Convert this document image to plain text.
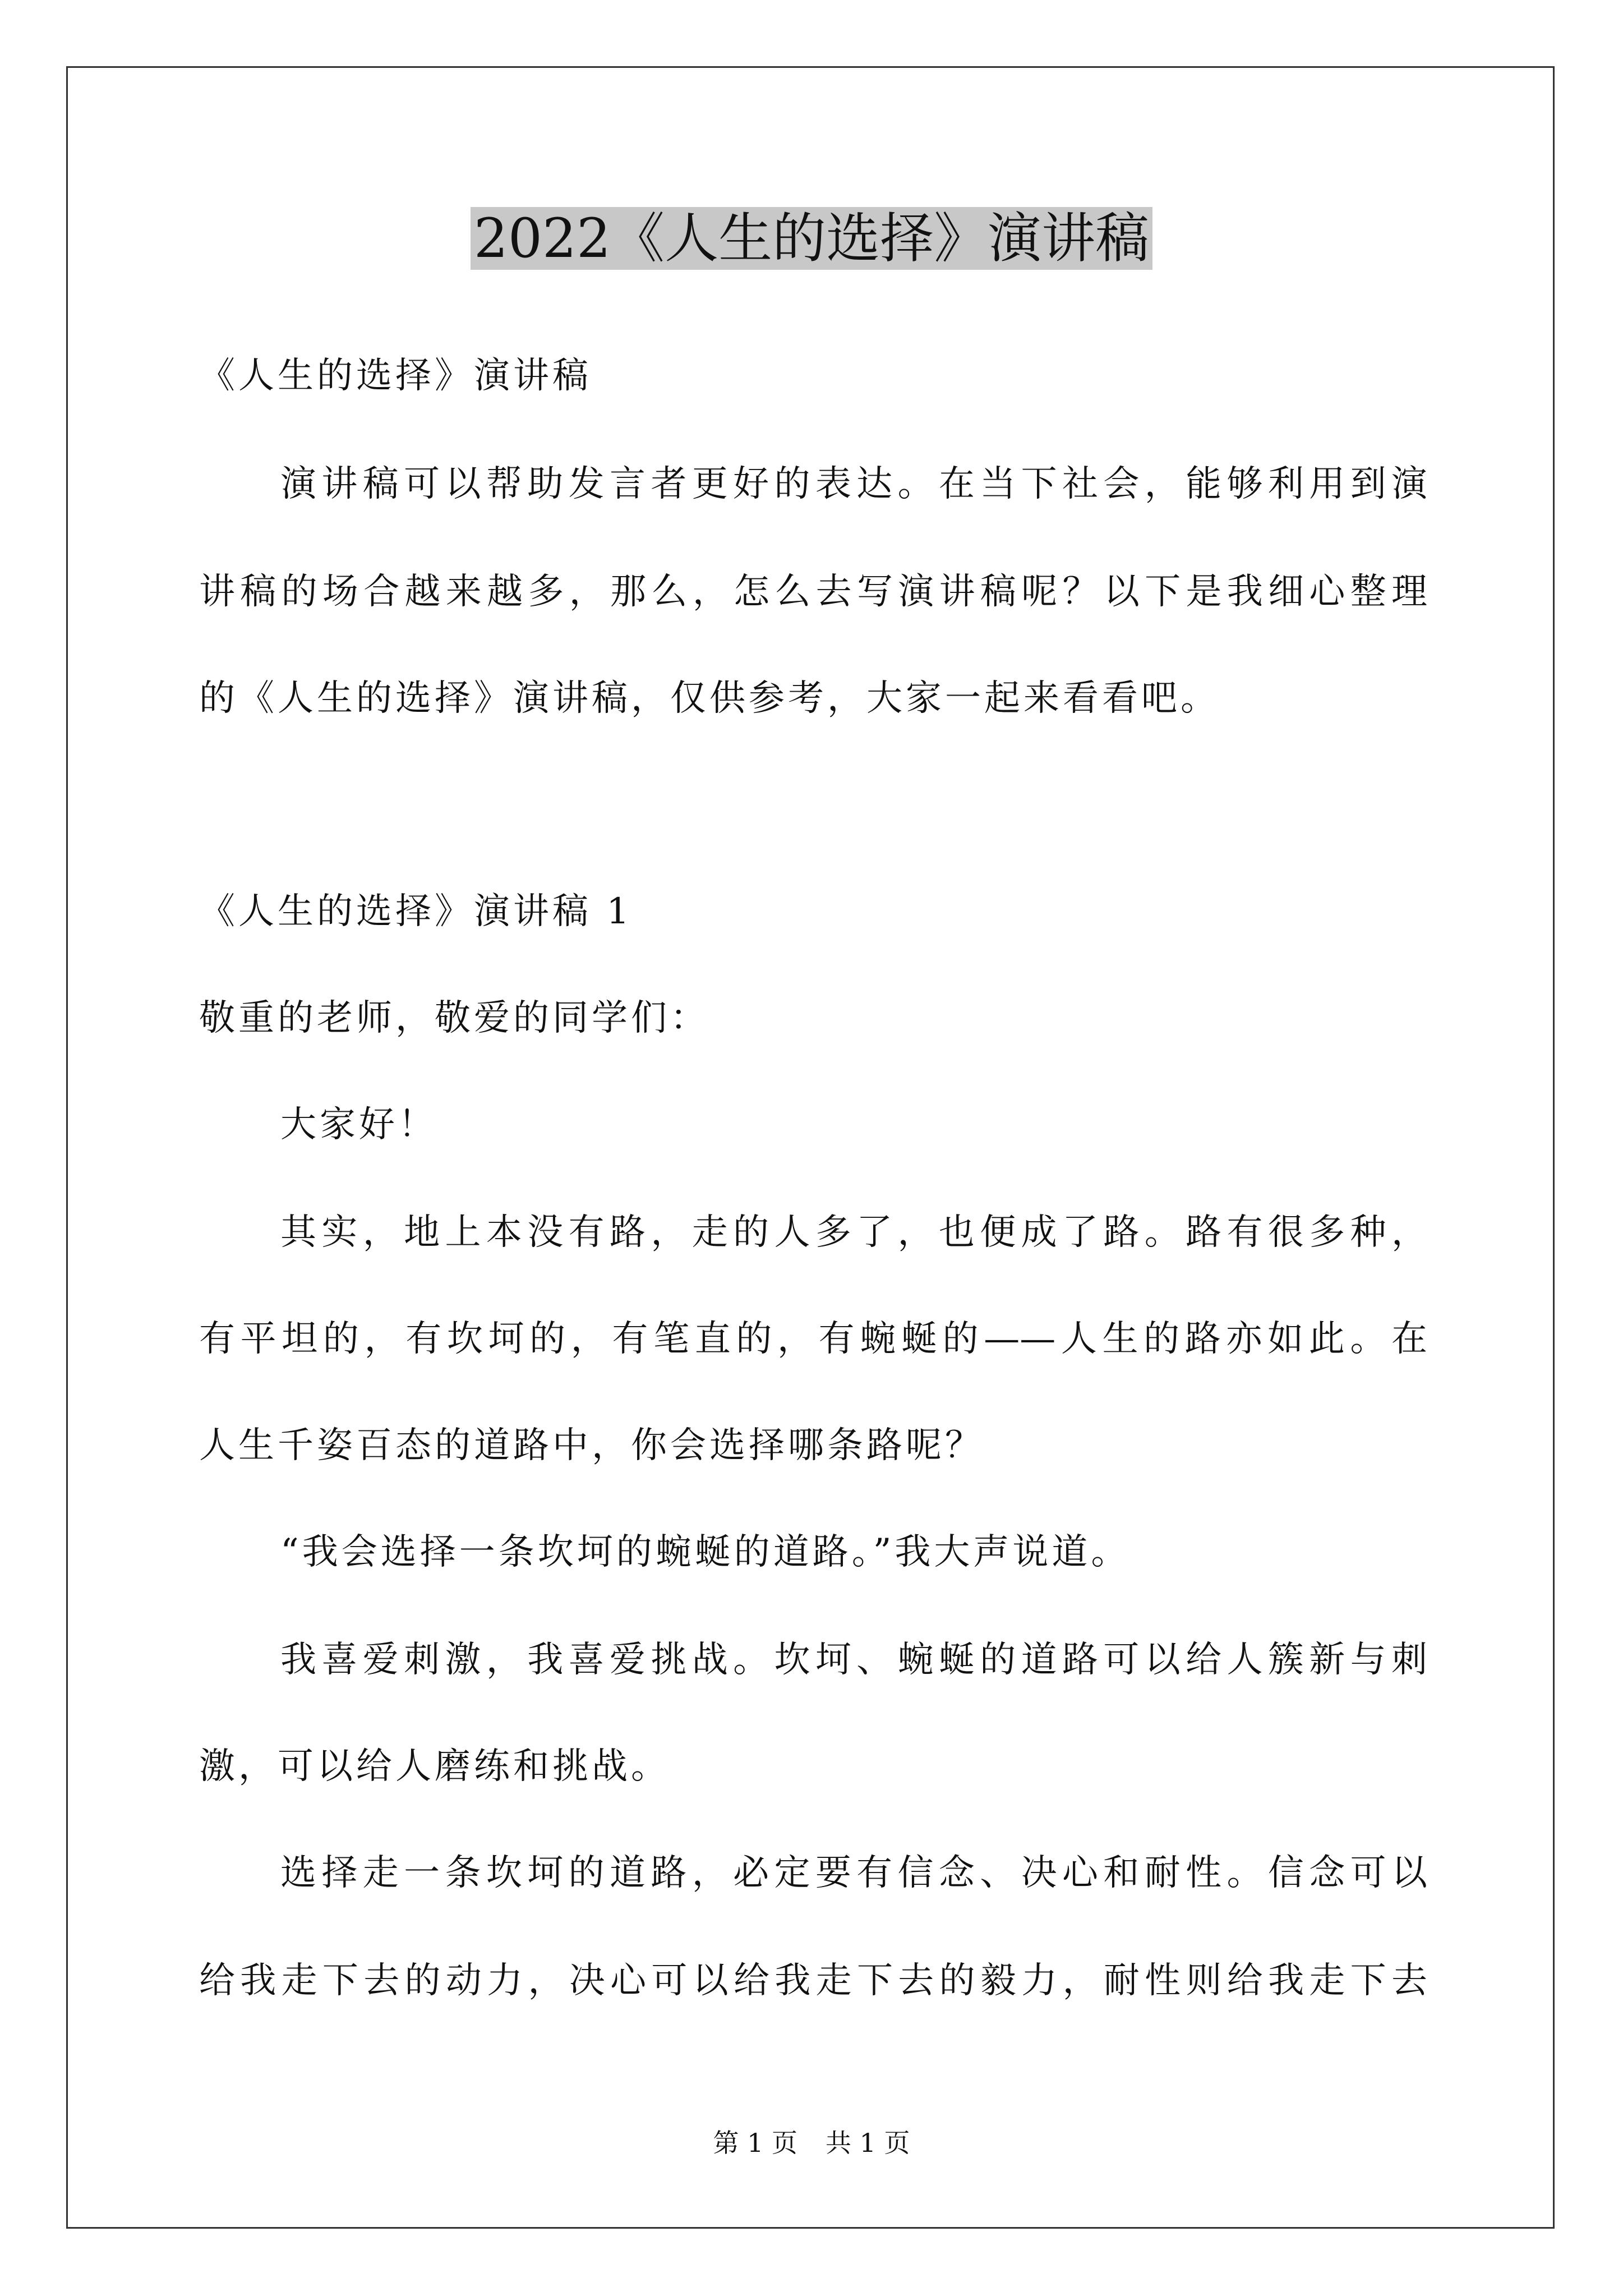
2022《人生的选择》演讲稿
《人生的选择》演讲稿
演讲稿可以帮助发言者更好的表达。在当下社会，能够利用到演
讲稿的场合越来越多，那么，怎么去写演讲稿呢？以下是我细心整理
的《人生的选择》演讲稿，仅供参考，大家一起来看看吧。
《人生的选择》演讲稿 1
敬重的老师，敬爱的同学们：
大家好！
其实，地上本没有路，走的人多了，也便成了路。路有很多种，
有平坦的，有坎坷的，有笔直的，有蜿蜒的——人生的路亦如此。在
人生千姿百态的道路中，你会选择哪条路呢？
“我会选择一条坎坷的蜿蜒的道路。”我大声说道。
我喜爱刺激，我喜爱挑战。坎坷、蜿蜒的道路可以给人簇新与刺
激，可以给人磨练和挑战。
选择走一条坎坷的道路，必定要有信念、决心和耐性。信念可以
给我走下去的动力，决心可以给我走下去的毅力，耐性则给我走下去
第 1 页 共 1 页
